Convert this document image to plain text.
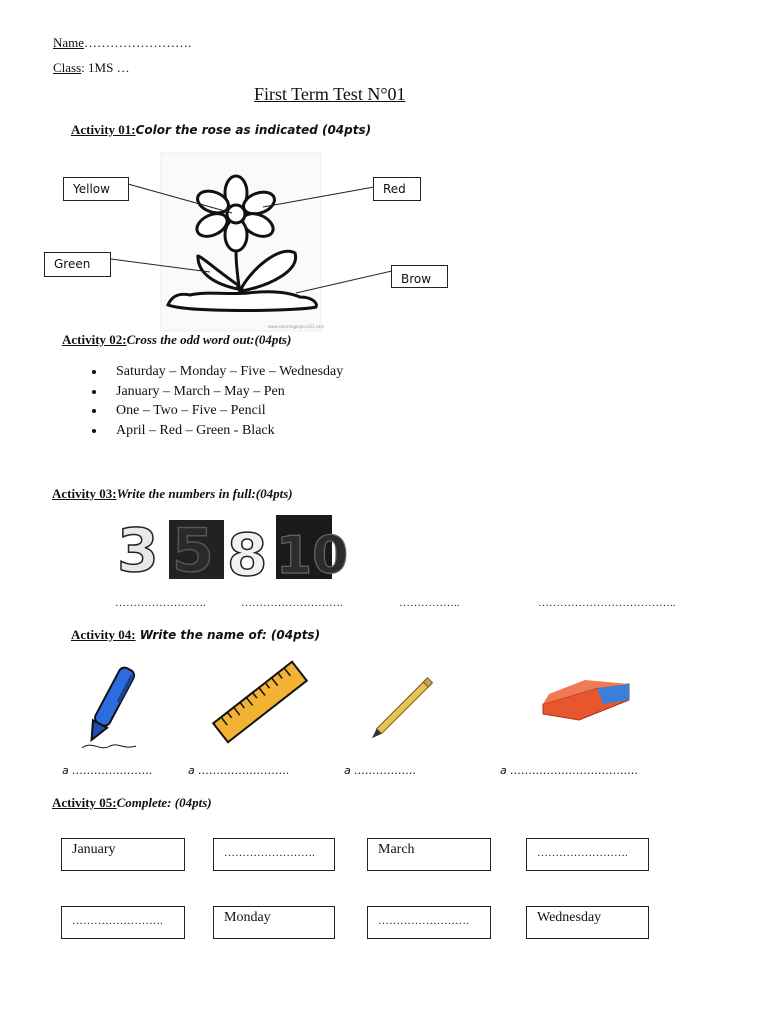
Name…………………….
Class: 1MS …
First Term Test N°01
Activity 01:Color the rose as indicated (04pts)
www.coloringpages101.com
Yellow	Red
Green
Brow
Activity 02:Cross the odd word out:(04pts)
• Saturday – Monday – Five – Wednesday
• January – March – May – Pen
• One – Two – Five – Pencil
• April – Red – Green - Black
Activity 03:Write the numbers in full:(04pts)
3 5 8 10
…………………….	……………………….	……………..	………………………………..
Activity 04: Write the name of: (04pts)
a ………………….	a …………………….	a ……………..	a ……………………………..
Activity 05:Complete: (04pts)
January	…………………….	March	…………………….
…………………….	Monday	…………………….	Wednesday
